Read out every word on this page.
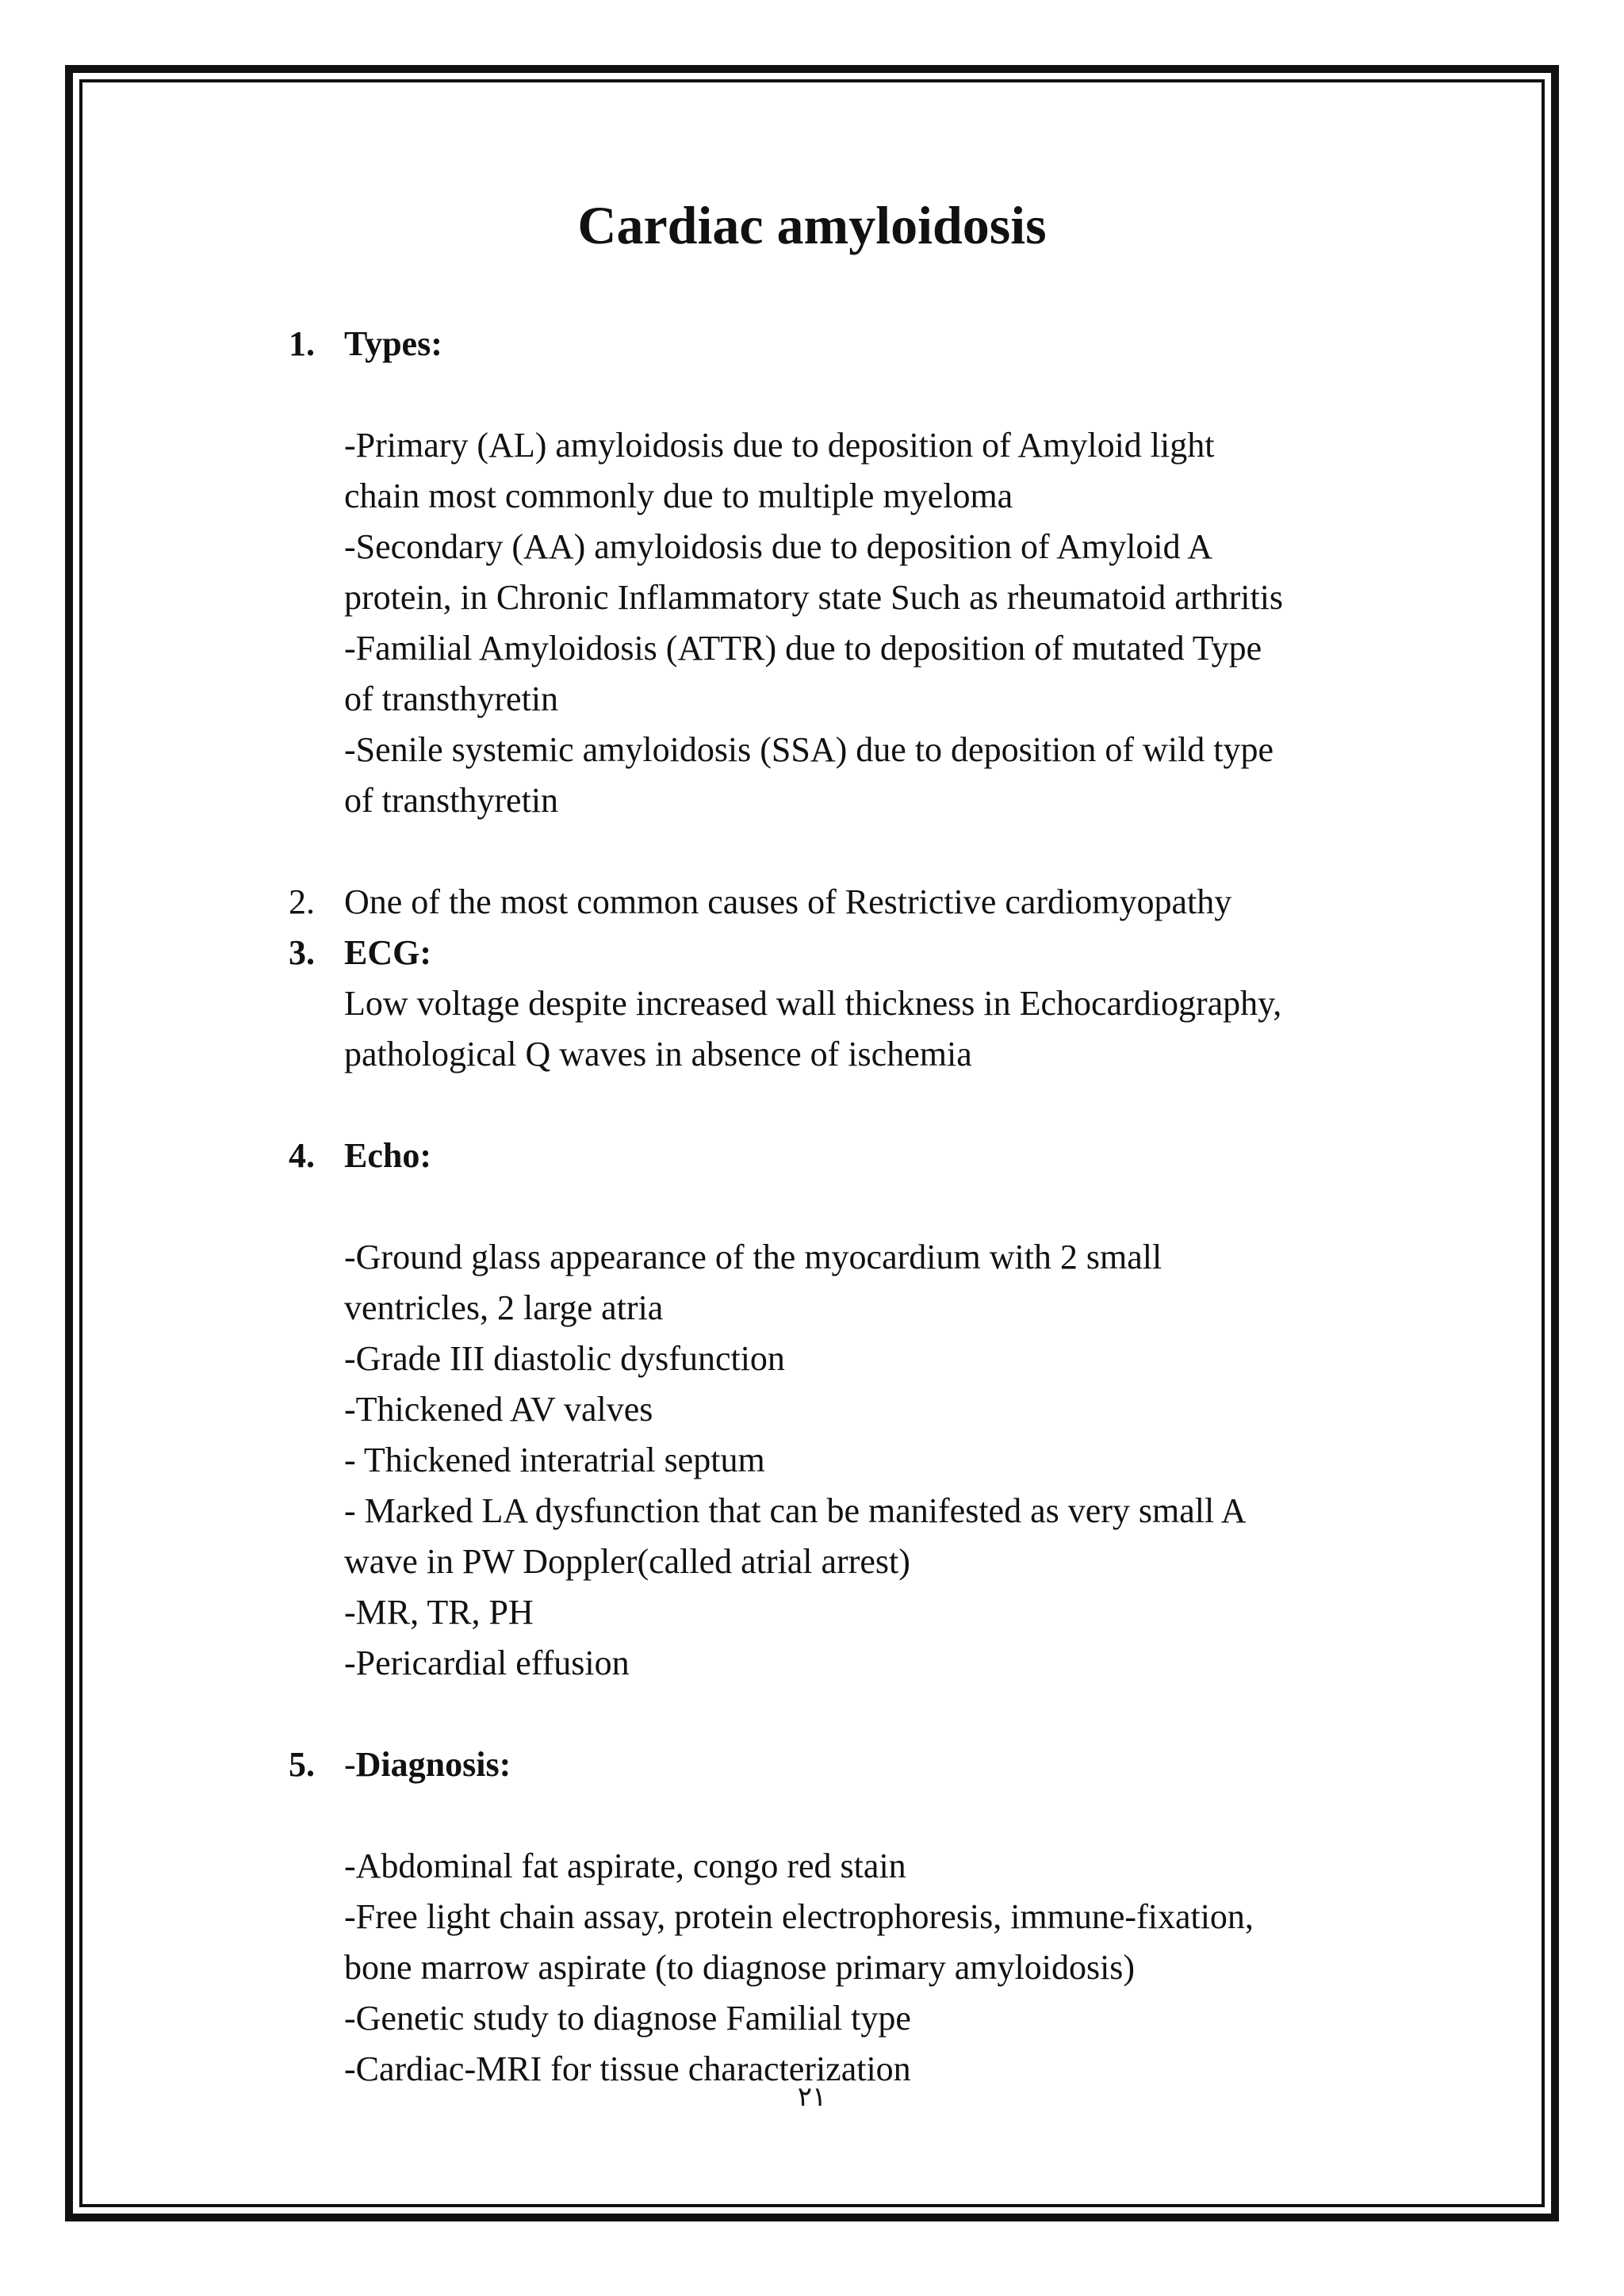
Cardiac amyloidosis
1. Types:
-Primary (AL) amyloidosis due to deposition of Amyloid light
chain most commonly due to multiple myeloma
-Secondary (AA) amyloidosis due to deposition of Amyloid A
protein, in Chronic Inflammatory state Such as rheumatoid arthritis
-Familial Amyloidosis (ATTR) due to deposition of mutated Type
of transthyretin
-Senile systemic amyloidosis (SSA) due to deposition of wild type
of transthyretin
2. One of the most common causes of Restrictive cardiomyopathy
3. ECG:
Low voltage despite increased wall thickness in Echocardiography,
pathological Q waves in absence of ischemia
4. Echo:
-Ground glass appearance of the myocardium with 2 small
ventricles, 2 large atria
-Grade III diastolic dysfunction
-Thickened AV valves
- Thickened interatrial septum
- Marked LA dysfunction that can be manifested as very small A
wave in PW Doppler(called atrial arrest)
-MR, TR, PH
-Pericardial effusion
5. -Diagnosis:
-Abdominal fat aspirate, congo red stain
-Free light chain assay, protein electrophoresis, immune-fixation,
bone marrow aspirate (to diagnose primary amyloidosis)
-Genetic study to diagnose Familial type
-Cardiac-MRI for tissue characterization
٢١
